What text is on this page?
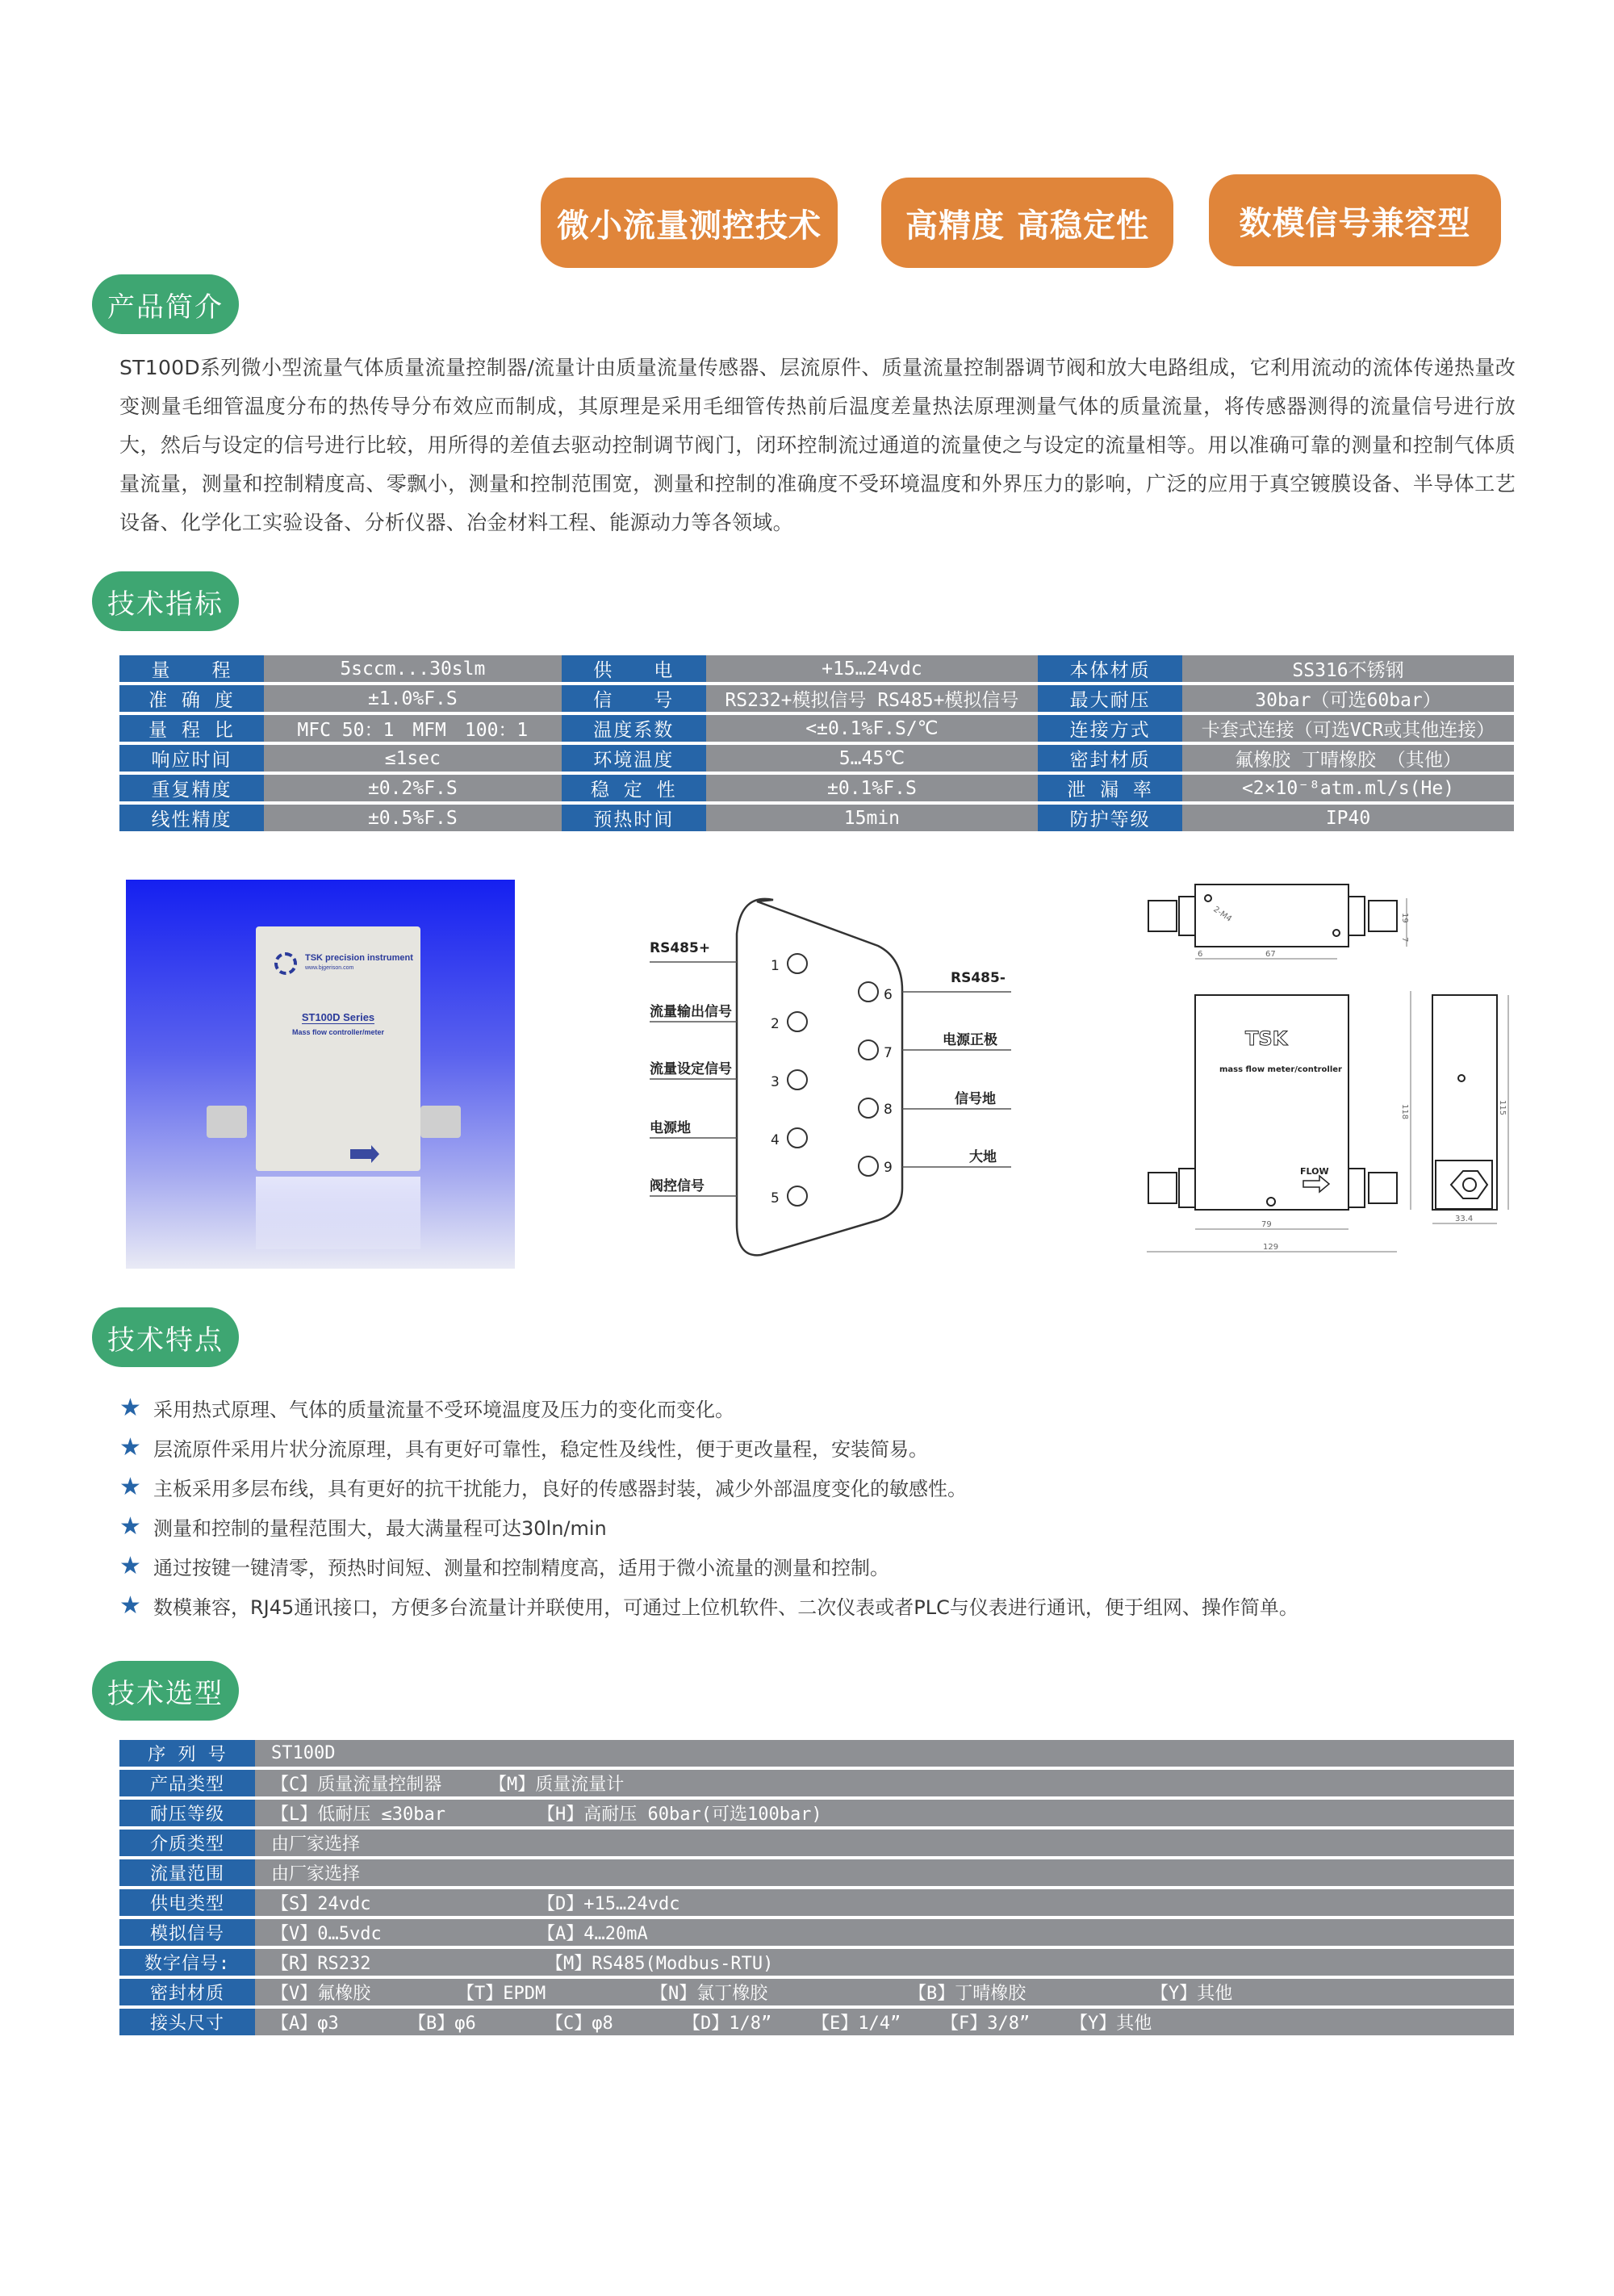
微小流量测控技术	高精度 高稳定性	数模信号兼容型
产品简介

ST100D系列微小型流量气体质量流量控制器/流量计由质量流量传感器、层流原件、质量流量控制器调节阀和放大电路组成，它利用流动的流体传递热量改变测量毛细管温度分布的热传导分布效应而制成，其原理是采用毛细管传热前后温度差量热法原理测量气体的质量流量，将传感器测得的流量信号进行放大，然后与设定的信号进行比较，用所得的差值去驱动控制调节阀门，闭环控制流过通道的流量使之与设定的流量相等。用以准确可靠的测量和控制气体质量流量，测量和控制精度高、零飘小，测量和控制范围宽，测量和控制的准确度不受环境温度和外界压力的影响，广泛的应用于真空镀膜设备、半导体工艺设备、化学化工实验设备、分析仪器、冶金材料工程、能源动力等各领域。

技术指标
量　　程	5sccm...30slm	供　　电	+15…24vdc	本体材质	SS316不锈钢
准 确 度	±1.0%F.S	信　　号	RS232+模拟信号 RS485+模拟信号	最大耐压	30bar（可选60bar）
量 程 比	MFC 50：1　MFM　100：1	温度系数	<±0.1%F.S/℃	连接方式	卡套式连接（可选VCR或其他连接）
响应时间	≤1sec	环境温度	5…45℃	密封材质	氟橡胶 丁晴橡胶 （其他）
重复精度	±0.2%F.S	稳 定 性	±0.1%F.S	泄 漏 率	<2×10⁻⁸atm.ml/s(He)
线性精度	±0.5%F.S	预热时间	15min	防护等级	IP40
TSK precision instrument
www.bjgerison.com
ST100D Series
Mass flow controller/meter
RS485+
流量输出信号
流量设定信号
电源地
阀控信号
RS485-
电源正极
信号地
大地
1
2
3
4
5
6
7
8
9
2-M4
6	67
79
129
33.4
118	115
19
7
TSK
mass flow meter/controller
FLOW
技术特点
★ 采用热式原理、气体的质量流量不受环境温度及压力的变化而变化。
★ 层流原件采用片状分流原理，具有更好可靠性，稳定性及线性，便于更改量程，安装简易。
★ 主板采用多层布线，具有更好的抗干扰能力，良好的传感器封装，减少外部温度变化的敏感性。
★ 测量和控制的量程范围大，最大满量程可达30ln/min
★ 通过按键一键清零，预热时间短、测量和控制精度高，适用于微小流量的测量和控制。
★ 数模兼容，RJ45通讯接口，方便多台流量计并联使用，可通过上位机软件、二次仪表或者PLC与仪表进行通讯，便于组网、操作简单。
技术选型
序 列 号	ST100D
产品类型	【C】质量流量控制器 【M】质量流量计
耐压等级	【L】低耐压 ≤30bar 【H】高耐压 60bar(可选100bar)
介质类型	由厂家选择
流量范围	由厂家选择
供电类型	【S】24vdc 【D】+15…24vdc
模拟信号	【V】0…5vdc 【A】4…20mA
数字信号:	【R】RS232 【M】RS485(Modbus-RTU)
密封材质	【V】氟橡胶 【T】EPDM 【N】氯丁橡胶 【B】丁晴橡胶 【Y】其他
接头尺寸	【A】φ3 【B】φ6 【C】φ8 【D】1/8” 【E】1/4” 【F】3/8” 【Y】其他
